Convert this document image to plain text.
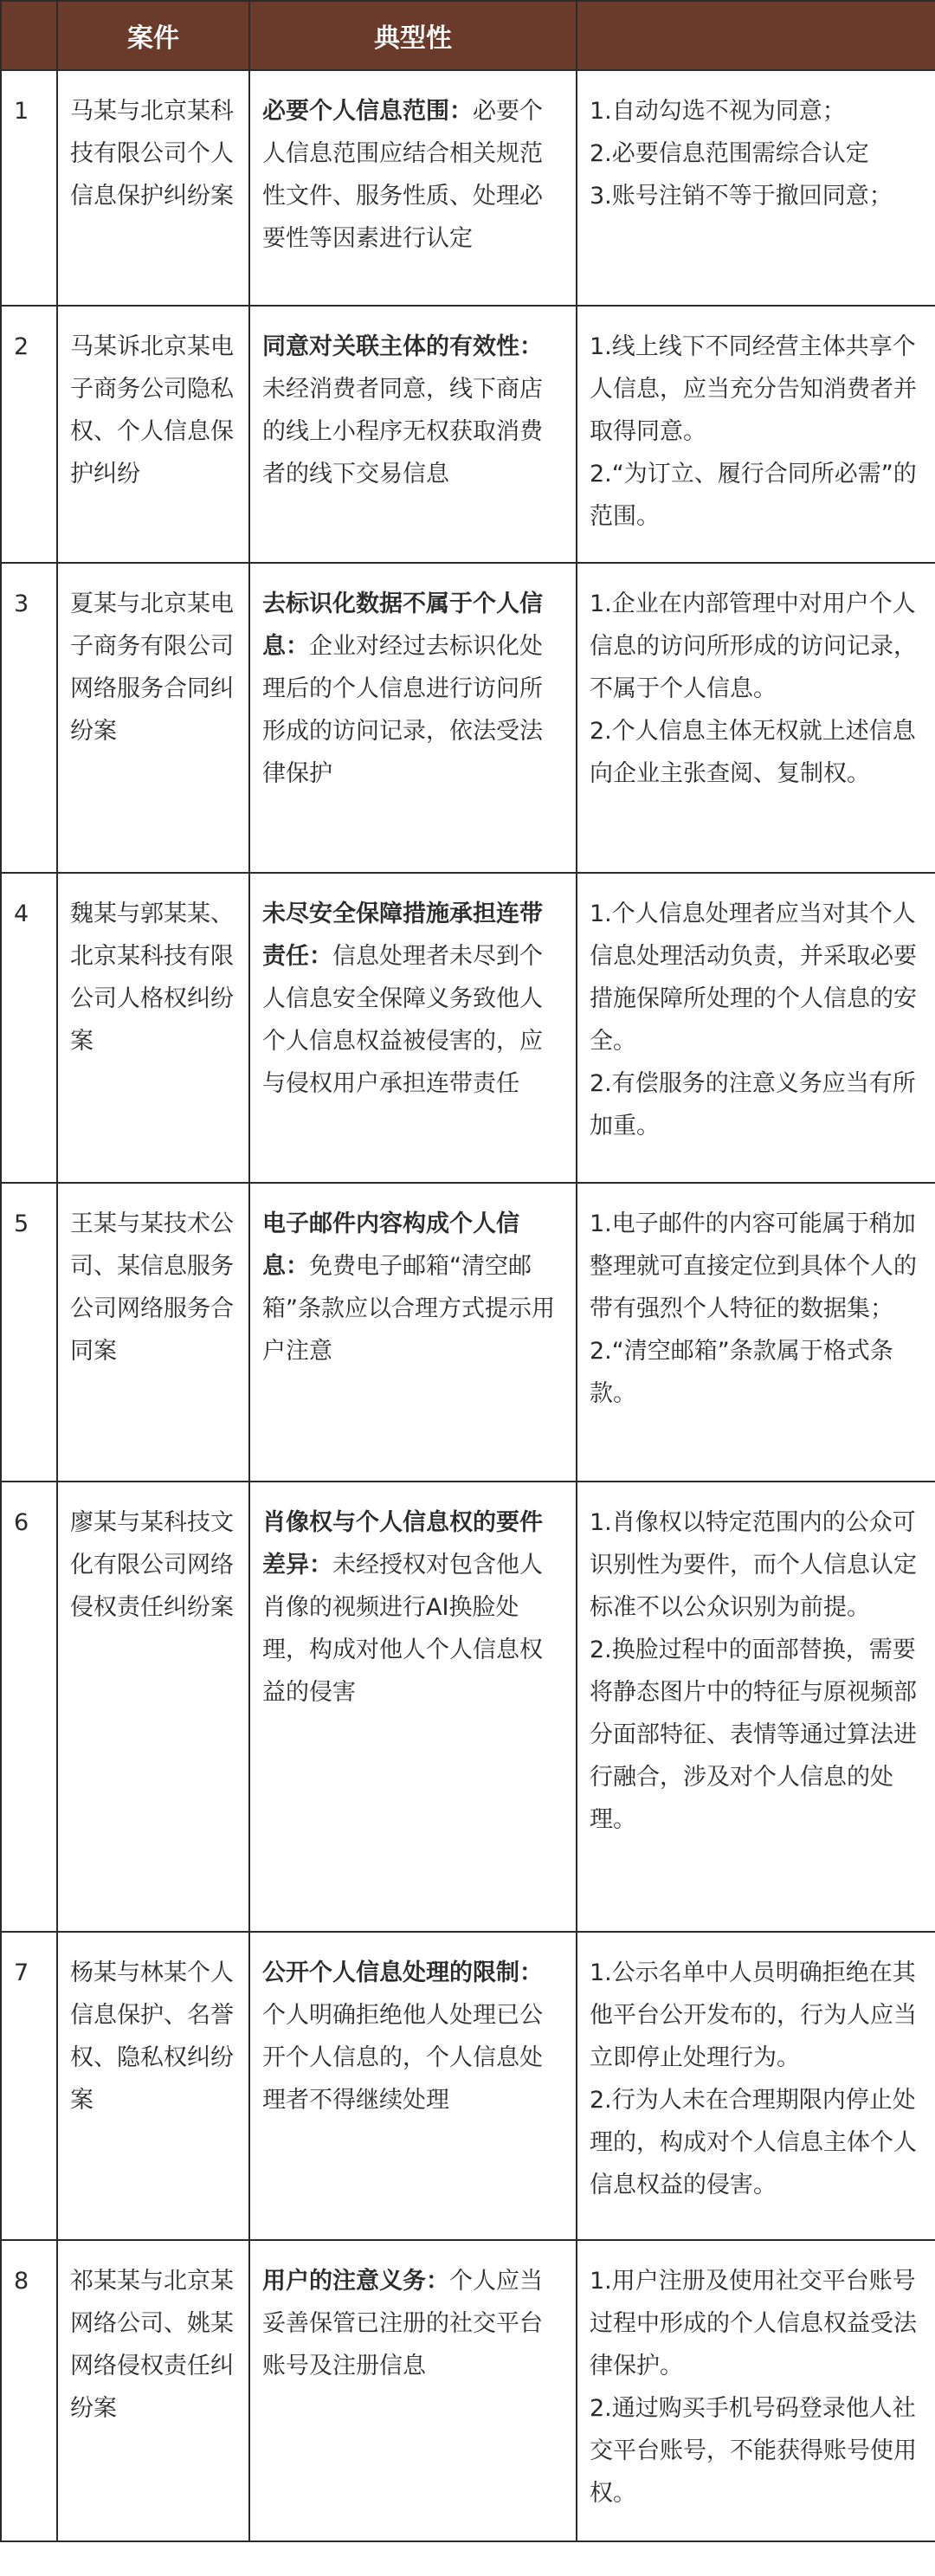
	案件	典型性	
1	马某与北京某科技有限公司个人信息保护纠纷案	必要个人信息范围：必要个人信息范围应结合相关规范性文件、服务性质、处理必要性等因素进行认定	1.自动勾选不视为同意；
2.必要信息范围需综合认定
3.账号注销不等于撤回同意；

2	马某诉北京某电子商务公司隐私权、个人信息保护纠纷	同意对关联主体的有效性：未经消费者同意，线下商店的线上小程序无权获取消费者的线下交易信息	1.线上线下不同经营主体共享个人信息，应当充分告知消费者并取得同意。
2.“为订立、履行合同所必需”的范围。

3	夏某与北京某电子商务有限公司网络服务合同纠纷案	去标识化数据不属于个人信息：企业对经过去标识化处理后的个人信息进行访问所形成的访问记录，依法受法律保护	1.企业在内部管理中对用户个人信息的访问所形成的访问记录，不属于个人信息。
2.个人信息主体无权就上述信息向企业主张查阅、复制权。

4	魏某与郭某某、北京某科技有限公司人格权纠纷案	未尽安全保障措施承担连带责任：信息处理者未尽到个人信息安全保障义务致他人个人信息权益被侵害的，应与侵权用户承担连带责任	1.个人信息处理者应当对其个人信息处理活动负责，并采取必要措施保障所处理的个人信息的安全。
2.有偿服务的注意义务应当有所加重。

5	王某与某技术公司、某信息服务公司网络服务合同案	电子邮件内容构成个人信息：免费电子邮箱“清空邮箱”条款应以合理方式提示用户注意	1.电子邮件的内容可能属于稍加整理就可直接定位到具体个人的带有强烈个人特征的数据集；
2.“清空邮箱”条款属于格式条款。

6	廖某与某科技文化有限公司网络侵权责任纠纷案	肖像权与个人信息权的要件差异：未经授权对包含他人肖像的视频进行AI换脸处理，构成对他人个人信息权益的侵害	1.肖像权以特定范围内的公众可识别性为要件，而个人信息认定标准不以公众识别为前提。
2.换脸过程中的面部替换，需要将静态图片中的特征与原视频部分面部特征、表情等通过算法进行融合，涉及对个人信息的处理。

7	杨某与林某个人信息保护、名誉权、隐私权纠纷案	公开个人信息处理的限制：个人明确拒绝他人处理已公开个人信息的，个人信息处理者不得继续处理	1.公示名单中人员明确拒绝在其他平台公开发布的，行为人应当立即停止处理行为。
2.行为人未在合理期限内停止处理的，构成对个人信息主体个人信息权益的侵害。

8	祁某某与北京某网络公司、姚某网络侵权责任纠纷案	用户的注意义务：个人应当妥善保管已注册的社交平台账号及注册信息	1.用户注册及使用社交平台账号过程中形成的个人信息权益受法律保护。
2.通过购买手机号码登录他人社交平台账号，不能获得账号使用权。
